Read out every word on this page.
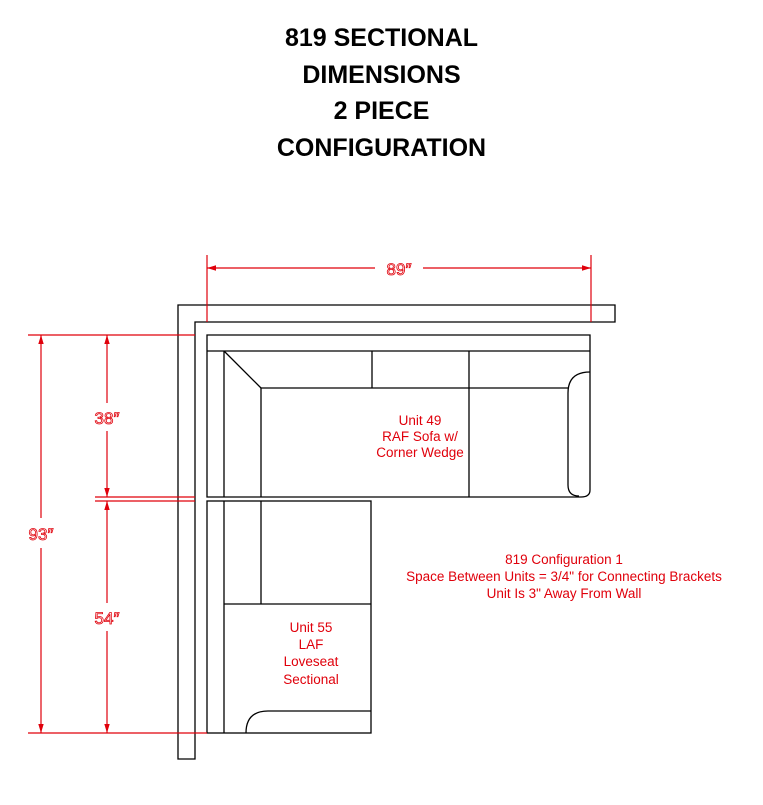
819 SECTIONAL
DIMENSIONS
2 PIECE
CONFIGURATION
89″
93″
38″
54″
Unit 49
RAF Sofa w/
Corner Wedge
Unit 55
LAF
Loveseat
Sectional
819 Configuration 1
Space Between Units = 3/4" for Connecting Brackets
Unit Is 3" Away From Wall
